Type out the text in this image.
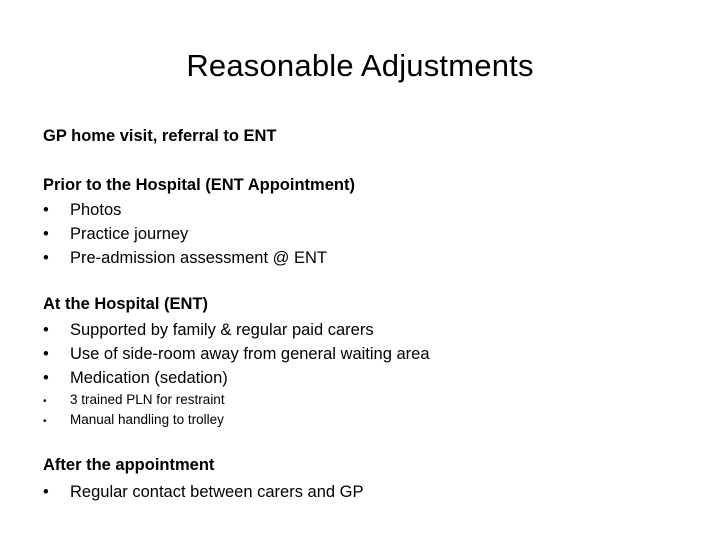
Reasonable Adjustments

GP home visit, referral to ENT

Prior to the Hospital (ENT Appointment)

•	Photos
•	Practice journey
•	Pre-admission assessment @ ENT

At the Hospital (ENT)

•	Supported by family & regular paid carers
•	Use of side-room away from general waiting area
•	Medication (sedation)
•	3 trained PLN for restraint
•	Manual handling to trolley

After the appointment

•	Regular contact between carers and GP
